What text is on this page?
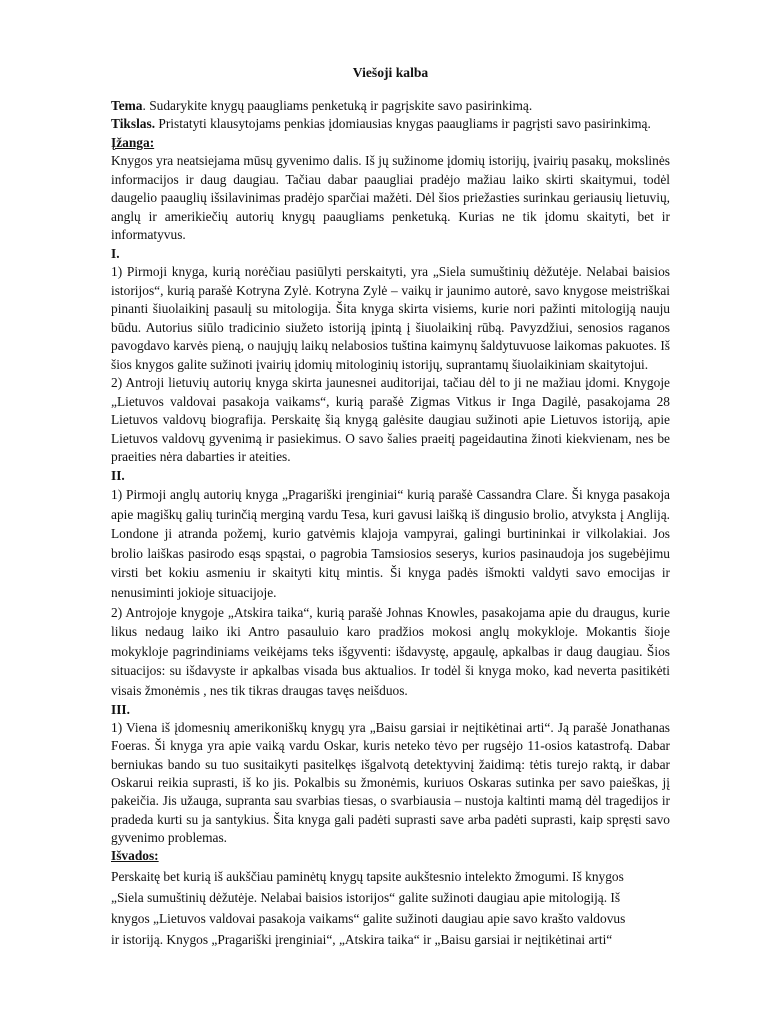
Viešoji kalba

Tema. Sudarykite knygų paaugliams penketuką ir pagrįskite savo pasirinkimą.

Tikslas. Pristatyti klausytojams penkias įdomiausias knygas paaugliams ir pagrįsti savo pasirinkimą.

Įžanga:

Knygos yra neatsiejama mūsų gyvenimo dalis. Iš jų sužinome įdomių istorijų, įvairių pasakų, mokslinės informacijos ir daug daugiau. Tačiau dabar paaugliai pradėjo mažiau laiko skirti skaitymui, todėl daugelio paauglių išsilavinimas pradėjo sparčiai mažėti. Dėl šios priežasties surinkau geriausių lietuvių, anglų ir amerikiečių autorių knygų paaugliams penketuką. Kurias ne tik įdomu skaityti, bet ir informatyvus.

I.

1) Pirmoji knyga, kurią norėčiau pasiūlyti perskaityti, yra „Siela sumuštinių dėžutėje. Nelabai baisios istorijos“, kurią parašė Kotryna Zylė. Kotryna Zylė – vaikų ir jaunimo autorė, savo knygose meistriškai pinanti šiuolaikinį pasaulį su mitologija. Šita knyga skirta visiems, kurie nori pažinti mitologiją nauju būdu. Autorius siūlo tradicinio siužeto istoriją įpintą į šiuolaikinį rūbą. Pavyzdžiui, senosios raganos pavogdavo karvės pieną, o naujųjų laikų nelabosios tuština kaimynų šaldytuvuose laikomas pakuotes. Iš šios knygos galite sužinoti įvairių įdomių mitologinių istorijų, suprantamų šiuolaikiniam skaitytojui.

2) Antroji lietuvių autorių knyga skirta jaunesnei auditorijai, tačiau dėl to ji ne mažiau įdomi. Knygoje „Lietuvos valdovai pasakoja vaikams“, kurią parašė Zigmas Vitkus ir Inga Dagilė, pasakojama 28 Lietuvos valdovų biografija. Perskaitę šią knygą galėsite daugiau sužinoti apie Lietuvos istoriją, apie Lietuvos valdovų gyvenimą ir pasiekimus. O savo šalies praeitį pageidautina žinoti kiekvienam, nes be praeities nėra dabarties ir ateities.

II.

1) Pirmoji anglų autorių knyga „Pragariški įrenginiai“ kurią parašė Cassandra Clare. Ši knyga pasakoja apie magiškų galių turinčią merginą vardu Tesa, kuri gavusi laišką iš dingusio brolio, atvyksta į Angliją. Londone ji atranda požemį, kurio gatvėmis klajoja vampyrai, galingi burtininkai ir vilkolakiai. Jos brolio laiškas pasirodo esąs spąstai, o pagrobia Tamsiosios seserys, kurios pasinaudoja jos sugebėjimu virsti bet kokiu asmeniu ir skaityti kitų mintis. Ši knyga padės išmokti valdyti savo emocijas ir nenusiminti jokioje situacijoje.

2) Antrojoje knygoje „Atskira taika“, kurią parašė Johnas Knowles, pasakojama apie du draugus, kurie likus nedaug laiko iki Antro pasauluio karo pradžios mokosi anglų mokykloje. Mokantis šioje mokykloje pagrindiniams veikėjams teks išgyventi: išdavystę, apgaulę, apkalbas ir daug daugiau. Šios situacijos: su išdavyste ir apkalbas visada bus aktualios. Ir todėl ši knyga moko, kad neverta pasitikėti visais žmonėmis , nes tik tikras draugas tavęs neišduos.

III.

1) Viena iš įdomesnių amerikoniškų knygų yra „Baisu garsiai ir neįtikėtinai arti“. Ją parašė Jonathanas Foeras. Ši knyga yra apie vaiką vardu Oskar, kuris neteko tėvo per rugsėjo 11-osios katastrofą. Dabar berniukas bando su tuo susitaikyti pasitelkęs išgalvotą detektyvinį žaidimą: tėtis turejo raktą, ir dabar Oskarui reikia suprasti, iš ko jis. Pokalbis su žmonėmis, kuriuos Oskaras sutinka per savo paieškas, jį pakeičia. Jis užauga, supranta sau svarbias tiesas, o svarbiausia – nustoja kaltinti mamą dėl tragedijos ir pradeda kurti su ja santykius. Šita knyga gali padėti suprasti save arba padėti suprasti, kaip spręsti savo gyvenimo problemas.

Išvados:

Perskaitę bet kurią iš aukščiau paminėtų knygų tapsite aukštesnio intelekto žmogumi. Iš knygos

„Siela sumuštinių dėžutėje. Nelabai baisios istorijos“ galite sužinoti daugiau apie mitologiją. Iš

knygos „Lietuvos valdovai pasakoja vaikams“ galite sužinoti daugiau apie savo krašto valdovus

ir istoriją. Knygos „Pragariški įrenginiai“, „Atskira taika“ ir „Baisu garsiai ir neįtikėtinai arti“
